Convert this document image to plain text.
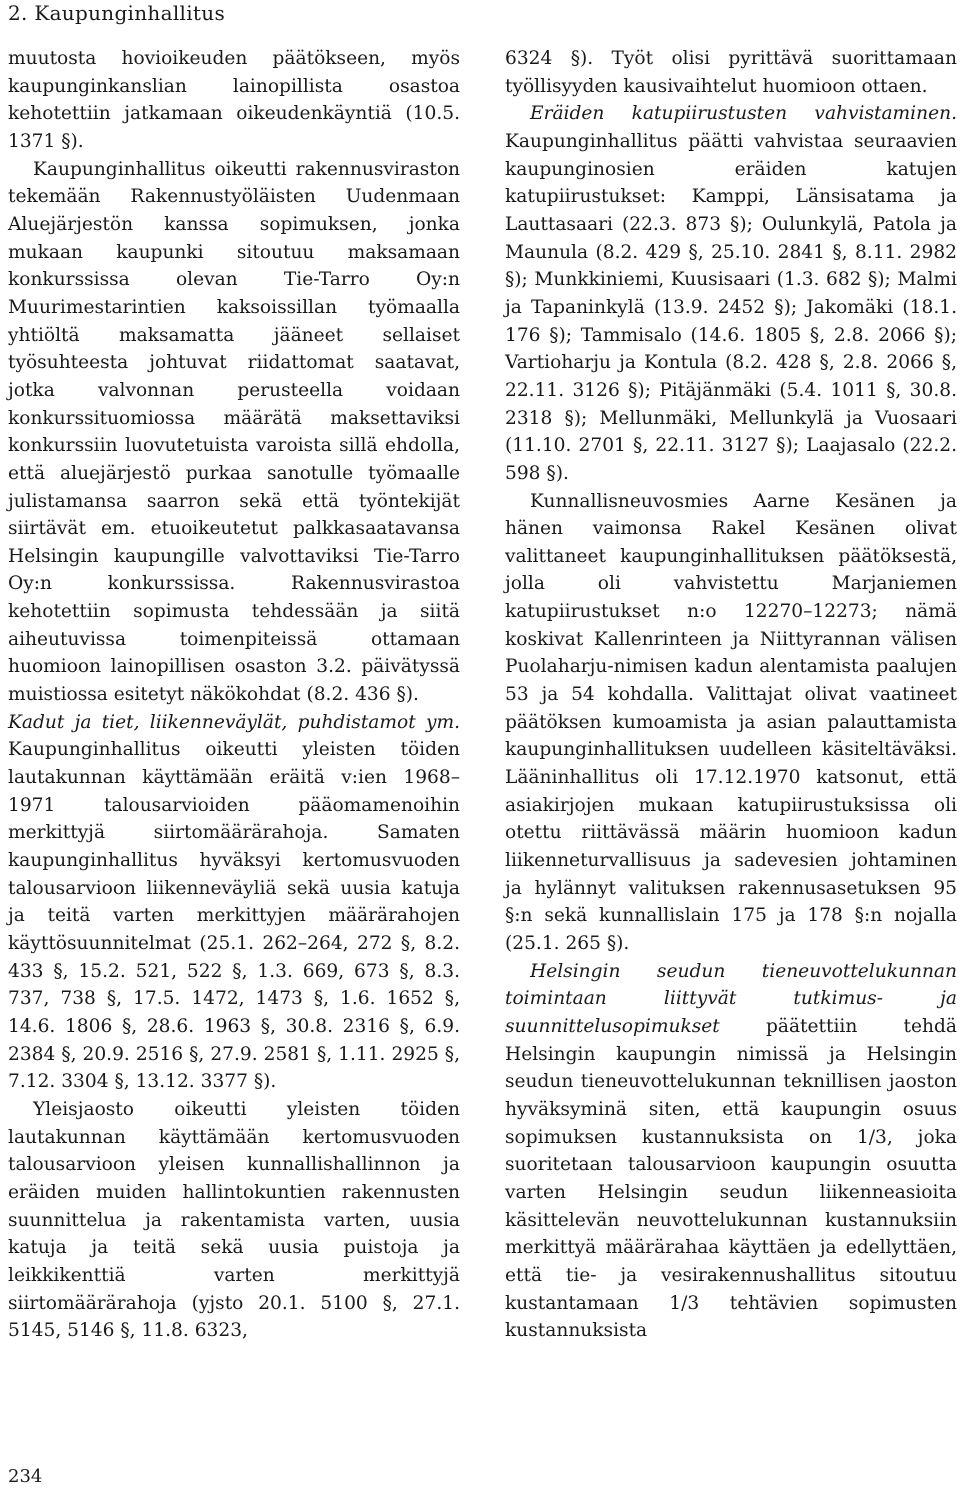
2. Kaupunginhallitus

muutosta hovioikeuden päätökseen, myös kaupunginkanslian lainopillista osastoa kehotettiin jatkamaan oikeudenkäyntiä (10.5. 1371 §).

Kaupunginhallitus oikeutti rakennusviraston tekemään Rakennustyöläisten Uudenmaan Aluejärjestön kanssa sopimuksen, jonka mukaan kaupunki sitoutuu maksamaan konkurssissa olevan Tie-Tarro Oy:n Muurimestarintien kaksoissillan työmaalla yhtiöltä maksamatta jääneet sellaiset työsuhteesta johtuvat riidattomat saatavat, jotka valvonnan perusteella voidaan konkurssituomiossa määrätä maksettaviksi konkurssiin luovutetuista varoista sillä ehdolla, että aluejärjestö purkaa sanotulle työmaalle julistamansa saarron sekä että työntekijät siirtävät em. etuoikeutetut palkkasaatavansa Helsingin kaupungille valvottaviksi Tie-Tarro Oy:n konkurssissa. Rakennusvirastoa kehotettiin sopimusta tehdessään ja siitä aiheutuvissa toimenpiteissä ottamaan huomioon lainopillisen osaston 3.2. päivätyssä muistiossa esitetyt näkökohdat (8.2. 436 §).

Kadut ja tiet, liikenneväylät, puhdistamot ym. Kaupunginhallitus oikeutti yleisten töiden lautakunnan käyttämään eräitä v:ien 1968–1971 talousarvioiden pääomamenoihin merkittyjä siirtomäärärahoja. Samaten kaupunginhallitus hyväksyi kertomusvuoden talousarvioon liikenneväyliä sekä uusia katuja ja teitä varten merkittyjen määrärahojen käyttösuunnitelmat (25.1. 262–264, 272 §, 8.2. 433 §, 15.2. 521, 522 §, 1.3. 669, 673 §, 8.3. 737, 738 §, 17.5. 1472, 1473 §, 1.6. 1652 §, 14.6. 1806 §, 28.6. 1963 §, 30.8. 2316 §, 6.9. 2384 §, 20.9. 2516 §, 27.9. 2581 §, 1.11. 2925 §, 7.12. 3304 §, 13.12. 3377 §).

Yleisjaosto oikeutti yleisten töiden lautakunnan käyttämään kertomusvuoden talousarvioon yleisen kunnallishallinnon ja eräiden muiden hallintokuntien rakennusten suunnittelua ja rakentamista varten, uusia katuja ja teitä sekä uusia puistoja ja leikkikenttiä varten merkittyjä siirtomäärärahoja (yjsto 20.1. 5100 §, 27.1. 5145, 5146 §, 11.8. 6323,

6324 §). Työt olisi pyrittävä suorittamaan työllisyyden kausivaihtelut huomioon ottaen.

Eräiden katupiirustusten vahvistaminen. Kaupunginhallitus päätti vahvistaa seuraavien kaupunginosien eräiden katujen katupiirustukset: Kamppi, Länsisatama ja Lauttasaari (22.3. 873 §); Oulunkylä, Patola ja Maunula (8.2. 429 §, 25.10. 2841 §, 8.11. 2982 §); Munkkiniemi, Kuusisaari (1.3. 682 §); Malmi ja Tapaninkylä (13.9. 2452 §); Jakomäki (18.1. 176 §); Tammisalo (14.6. 1805 §, 2.8. 2066 §); Vartioharju ja Kontula (8.2. 428 §, 2.8. 2066 §, 22.11. 3126 §); Pitäjänmäki (5.4. 1011 §, 30.8. 2318 §); Mellunmäki, Mellunkylä ja Vuosaari (11.10. 2701 §, 22.11. 3127 §); Laajasalo (22.2. 598 §).

Kunnallisneuvosmies Aarne Kesänen ja hänen vaimonsa Rakel Kesänen olivat valittaneet kaupunginhallituksen päätöksestä, jolla oli vahvistettu Marjaniemen katupiirustukset n:o 12270–12273; nämä koskivat Kallenrinteen ja Niittyrannan välisen Puolaharju-nimisen kadun alentamista paalujen 53 ja 54 kohdalla. Valittajat olivat vaatineet päätöksen kumoamista ja asian palauttamista kaupunginhallituksen uudelleen käsiteltäväksi. Lääninhallitus oli 17.12.1970 katsonut, että asiakirjojen mukaan katupiirustuksissa oli otettu riittävässä määrin huomioon kadun liikenneturvallisuus ja sadevesien johtaminen ja hylännyt valituksen rakennusasetuksen 95 §:n sekä kunnallislain 175 ja 178 §:n nojalla (25.1. 265 §).

Helsingin seudun tieneuvottelukunnan toimintaan liittyvät tutkimus- ja suunnittelusopimukset päätettiin tehdä Helsingin kaupungin nimissä ja Helsingin seudun tieneuvottelukunnan teknillisen jaoston hyväksyminä siten, että kaupungin osuus sopimuksen kustannuksista on 1/3, joka suoritetaan talousarvioon kaupungin osuutta varten Helsingin seudun liikenneasioita käsittelevän neuvottelukunnan kustannuksiin merkittyä määrärahaa käyttäen ja edellyttäen, että tie- ja vesirakennushallitus sitoutuu kustantamaan 1/3 tehtävien sopimusten kustannuksista

234
